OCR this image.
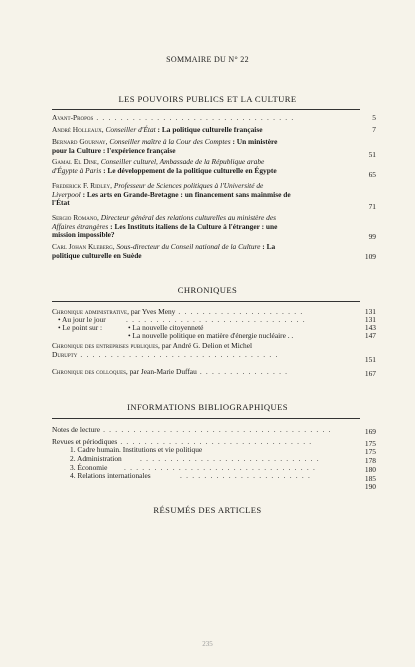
SOMMAIRE DU N° 22
LES POUVOIRS PUBLICS ET LA CULTURE
Avant-Propos . . . . . . . . . . . . . . . . . . . . . . . . . . . . . . . . .	5
André Holleaux, Conseiller d'État : La politique culturelle française	7
Bernard Gournay, Conseiller maître à la Cour des Comptes : Un ministère
pour la Culture : l'expérience française	51
Gamal El Dine, Conseiller culturel, Ambassade de la République arabe
d'Égypte à Paris : Le développement de la politique culturelle en Égypte	65
Frederick F. Ridley, Professeur de Sciences politiques à l'Université de
Liverpool : Les arts en Grande-Bretagne : un financement sans mainmise de
l'État	71
Sergio Romano, Directeur général des relations culturelles au ministère des
Affaires étrangères : Les Instituts italiens de la Culture à l'étranger : une
mission impossible?	99
Carl Johan Kleberg, Sous-directeur du Conseil national de la Culture : La
politique culturelle en Suède	109
CHRONIQUES
Chronique administrative, par Yves Meny . . . . . . . . . . . . . . . . . . . . .	131
• Au jour le jour	. . . . . . . . . . . . . . . . . . . . . . . . . . . . . .	131
• Le point sur :	• La nouvelle citoyenneté	143
• La nouvelle politique en matière d'énergie nucléaire . .	147
Chronique des entreprises publiques, par André G. Delion et Michel
Durupty . . . . . . . . . . . . . . . . . . . . . . . . . . . . . . . . .
151
Chronique des colloques, par Jean-Marie Duffau . . . . . . . . . . . . . . .	167
INFORMATIONS BIBLIOGRAPHIQUES
Notes de lecture . . . . . . . . . . . . . . . . . . . . . . . . . . . . . . . . . . . . . .	169
Revues et périodiques . . . . . . . . . . . . . . . . . . . . . . . . . . . . . . . .	175
1. Cadre humain. Institutions et vie politique	175
2. Administration . . . . . . . . . . . . . . . . . . . . . . . . . . . . . .	178
3. Économie . . . . . . . . . . . . . . . . . . . . . . . . . . . . . . . .	180
4. Relations internationales	. . . . . . . . . . . . . . . . . . . . . .	185
190
RÉSUMÉS DES ARTICLES
235
